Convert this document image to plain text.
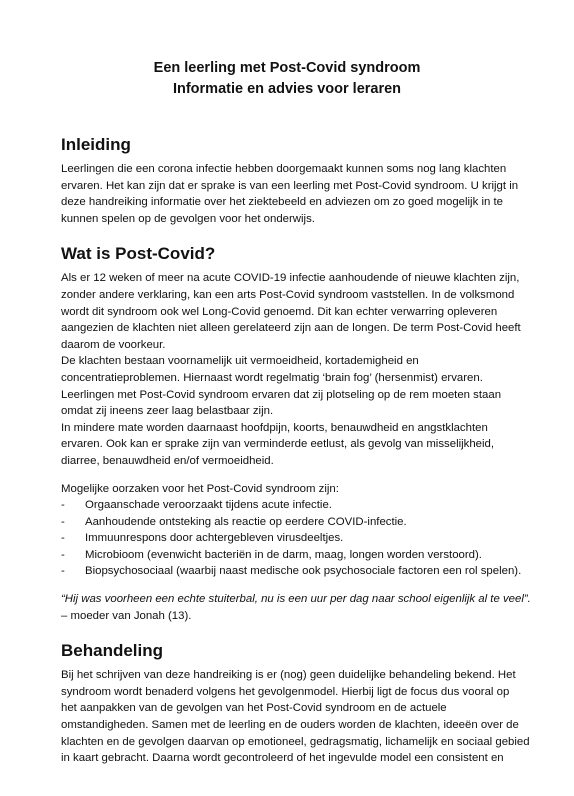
Een leerling met Post-Covid syndroom
Informatie en advies voor leraren
Inleiding
Leerlingen die een corona infectie hebben doorgemaakt kunnen soms nog lang klachten
ervaren. Het kan zijn dat er sprake is van een leerling met Post-Covid syndroom. U krijgt in
deze handreiking informatie over het ziektebeeld en adviezen om zo goed mogelijk in te
kunnen spelen op de gevolgen voor het onderwijs.
Wat is Post-Covid?
Als er 12 weken of meer na acute COVID-19 infectie aanhoudende of nieuwe klachten zijn,
zonder andere verklaring, kan een arts Post-Covid syndroom vaststellen. In de volksmond
wordt dit syndroom ook wel Long-Covid genoemd. Dit kan echter verwarring opleveren
aangezien de klachten niet alleen gerelateerd zijn aan de longen. De term Post-Covid heeft
daarom de voorkeur.
De klachten bestaan voornamelijk uit vermoeidheid, kortademigheid en
concentratieproblemen. Hiernaast wordt regelmatig ‘brain fog’ (hersenmist) ervaren.
Leerlingen met Post-Covid syndroom ervaren dat zij plotseling op de rem moeten staan
omdat zij ineens zeer laag belastbaar zijn.
In mindere mate worden daarnaast hoofdpijn, koorts, benauwdheid en angstklachten
ervaren. Ook kan er sprake zijn van verminderde eetlust, als gevolg van misselijkheid,
diarree, benauwdheid en/of vermoeidheid.
Mogelijke oorzaken voor het Post-Covid syndroom zijn:
-	Orgaanschade veroorzaakt tijdens acute infectie.
-	Aanhoudende ontsteking als reactie op eerdere COVID-infectie.
-	Immuunrespons door achtergebleven virusdeeltjes.
-	Microbioom (evenwicht bacteriën in de darm, maag, longen worden verstoord).
-	Biopsychosociaal (waarbij naast medische ook psychosociale factoren een rol spelen).
“Hij was voorheen een echte stuiterbal, nu is een uur per dag naar school eigenlijk al te veel”.
– moeder van Jonah (13).
Behandeling
Bij het schrijven van deze handreiking is er (nog) geen duidelijke behandeling bekend. Het
syndroom wordt benaderd volgens het gevolgenmodel. Hierbij ligt de focus dus vooral op
het aanpakken van de gevolgen van het Post-Covid syndroom en de actuele
omstandigheden. Samen met de leerling en de ouders worden de klachten, ideeën over de
klachten en de gevolgen daarvan op emotioneel, gedragsmatig, lichamelijk en sociaal gebied
in kaart gebracht. Daarna wordt gecontroleerd of het ingevulde model een consistent en
